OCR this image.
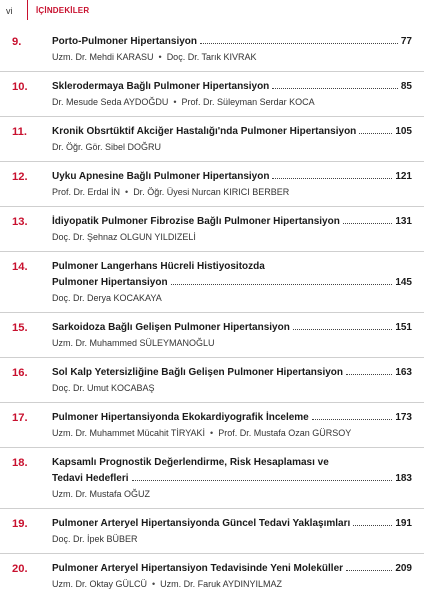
vi	İÇİNDEKİLER
9.	Porto-Pulmoner Hipertansiyon	77
Uzm. Dr. Mehdi KARASU • Doç. Dr. Tarık KIVRAK
10.	Sklerodermaya Bağlı Pulmoner Hipertansiyon	85
Dr. Mesude Seda AYDOĞDU • Prof. Dr. Süleyman Serdar KOCA
11.	Kronik Obsrtüktif Akciğer Hastalığı'nda Pulmoner Hipertansiyon	105
Dr. Öğr. Gör. Sibel DOĞRU
12.	Uyku Apnesine Bağlı Pulmoner Hipertansiyon	121
Prof. Dr. Erdal İN • Dr. Öğr. Üyesi Nurcan KIRICI BERBER
13.	İdiyopatik Pulmoner Fibrozise Bağlı Pulmoner Hipertansiyon	131
Doç. Dr. Şehnaz OLGUN YILDIZELİ
14.	Pulmoner Langerhans Hücreli Histiyositozda
Pulmoner Hipertansiyon	145
Doç. Dr. Derya KOCAKAYA
15.	Sarkoidoza Bağlı Gelişen Pulmoner Hipertansiyon	151
Uzm. Dr. Muhammed SÜLEYMANOĞLU
16.	Sol Kalp Yetersizliğine Bağlı Gelişen Pulmoner Hipertansiyon	163
Doç. Dr. Umut KOCABAŞ
17.	Pulmoner Hipertansiyonda Ekokardiyografik İnceleme	173
Uzm. Dr. Muhammet Mücahit TİRYAKİ • Prof. Dr. Mustafa Ozan GÜRSOY
18.	Kapsamlı Prognostik Değerlendirme, Risk Hesaplaması ve
Tedavi Hedefleri	183
Uzm. Dr. Mustafa OĞUZ
19.	Pulmoner Arteryel Hipertansiyonda Güncel Tedavi Yaklaşımları	191
Doç. Dr. İpek BÜBER
20.	Pulmoner Arteryel Hipertansiyon Tedavisinde Yeni Moleküller	209
Uzm. Dr. Oktay GÜLCÜ • Uzm. Dr. Faruk AYDINYILMAZ
